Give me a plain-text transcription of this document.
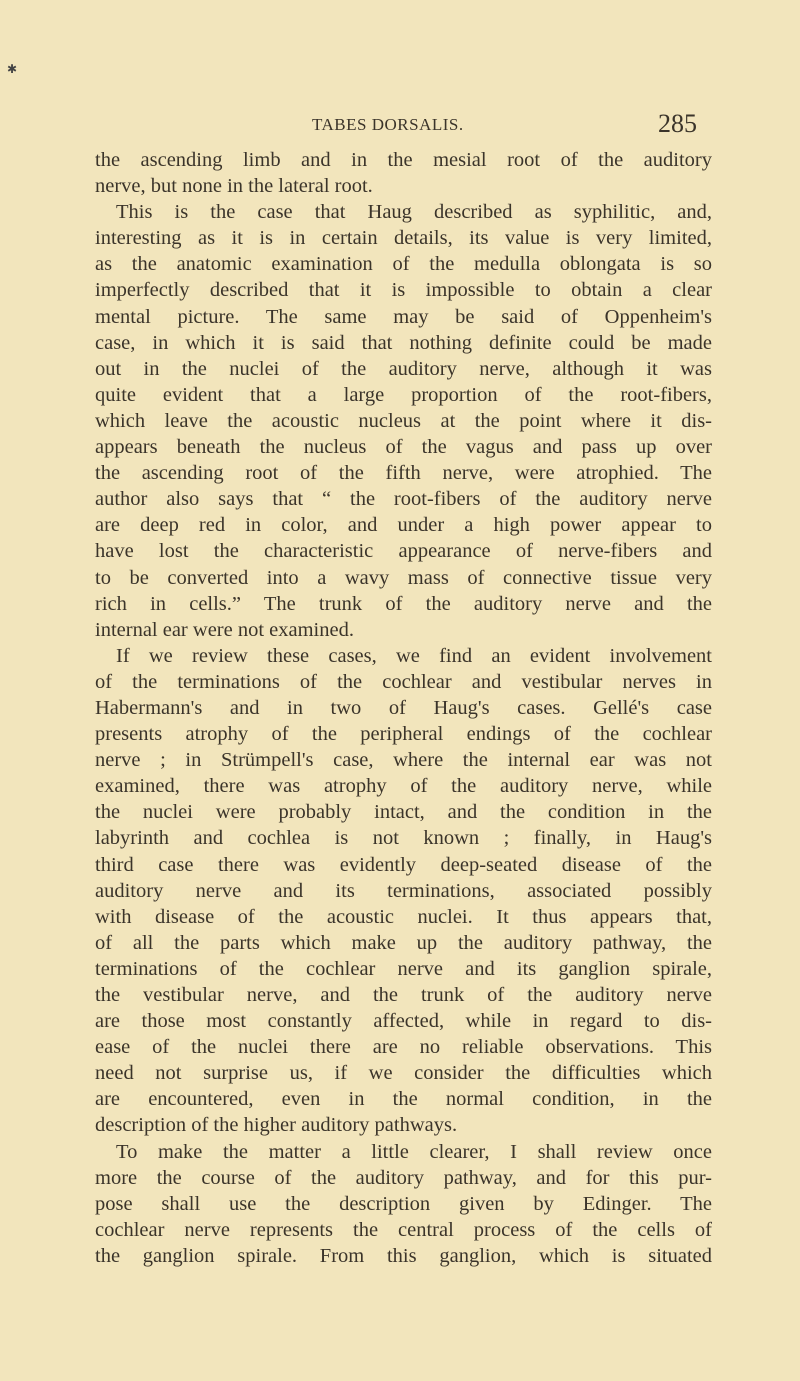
✱
TABES DORSALIS.	285
the ascending limb and in the mesial root of the auditory
nerve, but none in the lateral root.
This is the case that Haug described as syphilitic, and,
interesting as it is in certain details, its value is very limited,
as the anatomic examination of the medulla oblongata is so
imperfectly described that it is impossible to obtain a clear
mental picture. The same may be said of Oppenheim's
case, in which it is said that nothing definite could be made
out in the nuclei of the auditory nerve, although it was
quite evident that a large proportion of the root-fibers,
which leave the acoustic nucleus at the point where it dis-
appears beneath the nucleus of the vagus and pass up over
the ascending root of the fifth nerve, were atrophied. The
author also says that “ the root-fibers of the auditory nerve
are deep red in color, and under a high power appear to
have lost the characteristic appearance of nerve-fibers and
to be converted into a wavy mass of connective tissue very
rich in cells.” The trunk of the auditory nerve and the
internal ear were not examined.
If we review these cases, we find an evident involvement
of the terminations of the cochlear and vestibular nerves in
Habermann's and in two of Haug's cases. Gellé's case
presents atrophy of the peripheral endings of the cochlear
nerve ; in Strümpell's case, where the internal ear was not
examined, there was atrophy of the auditory nerve, while
the nuclei were probably intact, and the condition in the
labyrinth and cochlea is not known ; finally, in Haug's
third case there was evidently deep-seated disease of the
auditory nerve and its terminations, associated possibly
with disease of the acoustic nuclei. It thus appears that,
of all the parts which make up the auditory pathway, the
terminations of the cochlear nerve and its ganglion spirale,
the vestibular nerve, and the trunk of the auditory nerve
are those most constantly affected, while in regard to dis-
ease of the nuclei there are no reliable observations. This
need not surprise us, if we consider the difficulties which
are encountered, even in the normal condition, in the
description of the higher auditory pathways.
To make the matter a little clearer, I shall review once
more the course of the auditory pathway, and for this pur-
pose shall use the description given by Edinger. The
cochlear nerve represents the central process of the cells of
the ganglion spirale. From this ganglion, which is situated
